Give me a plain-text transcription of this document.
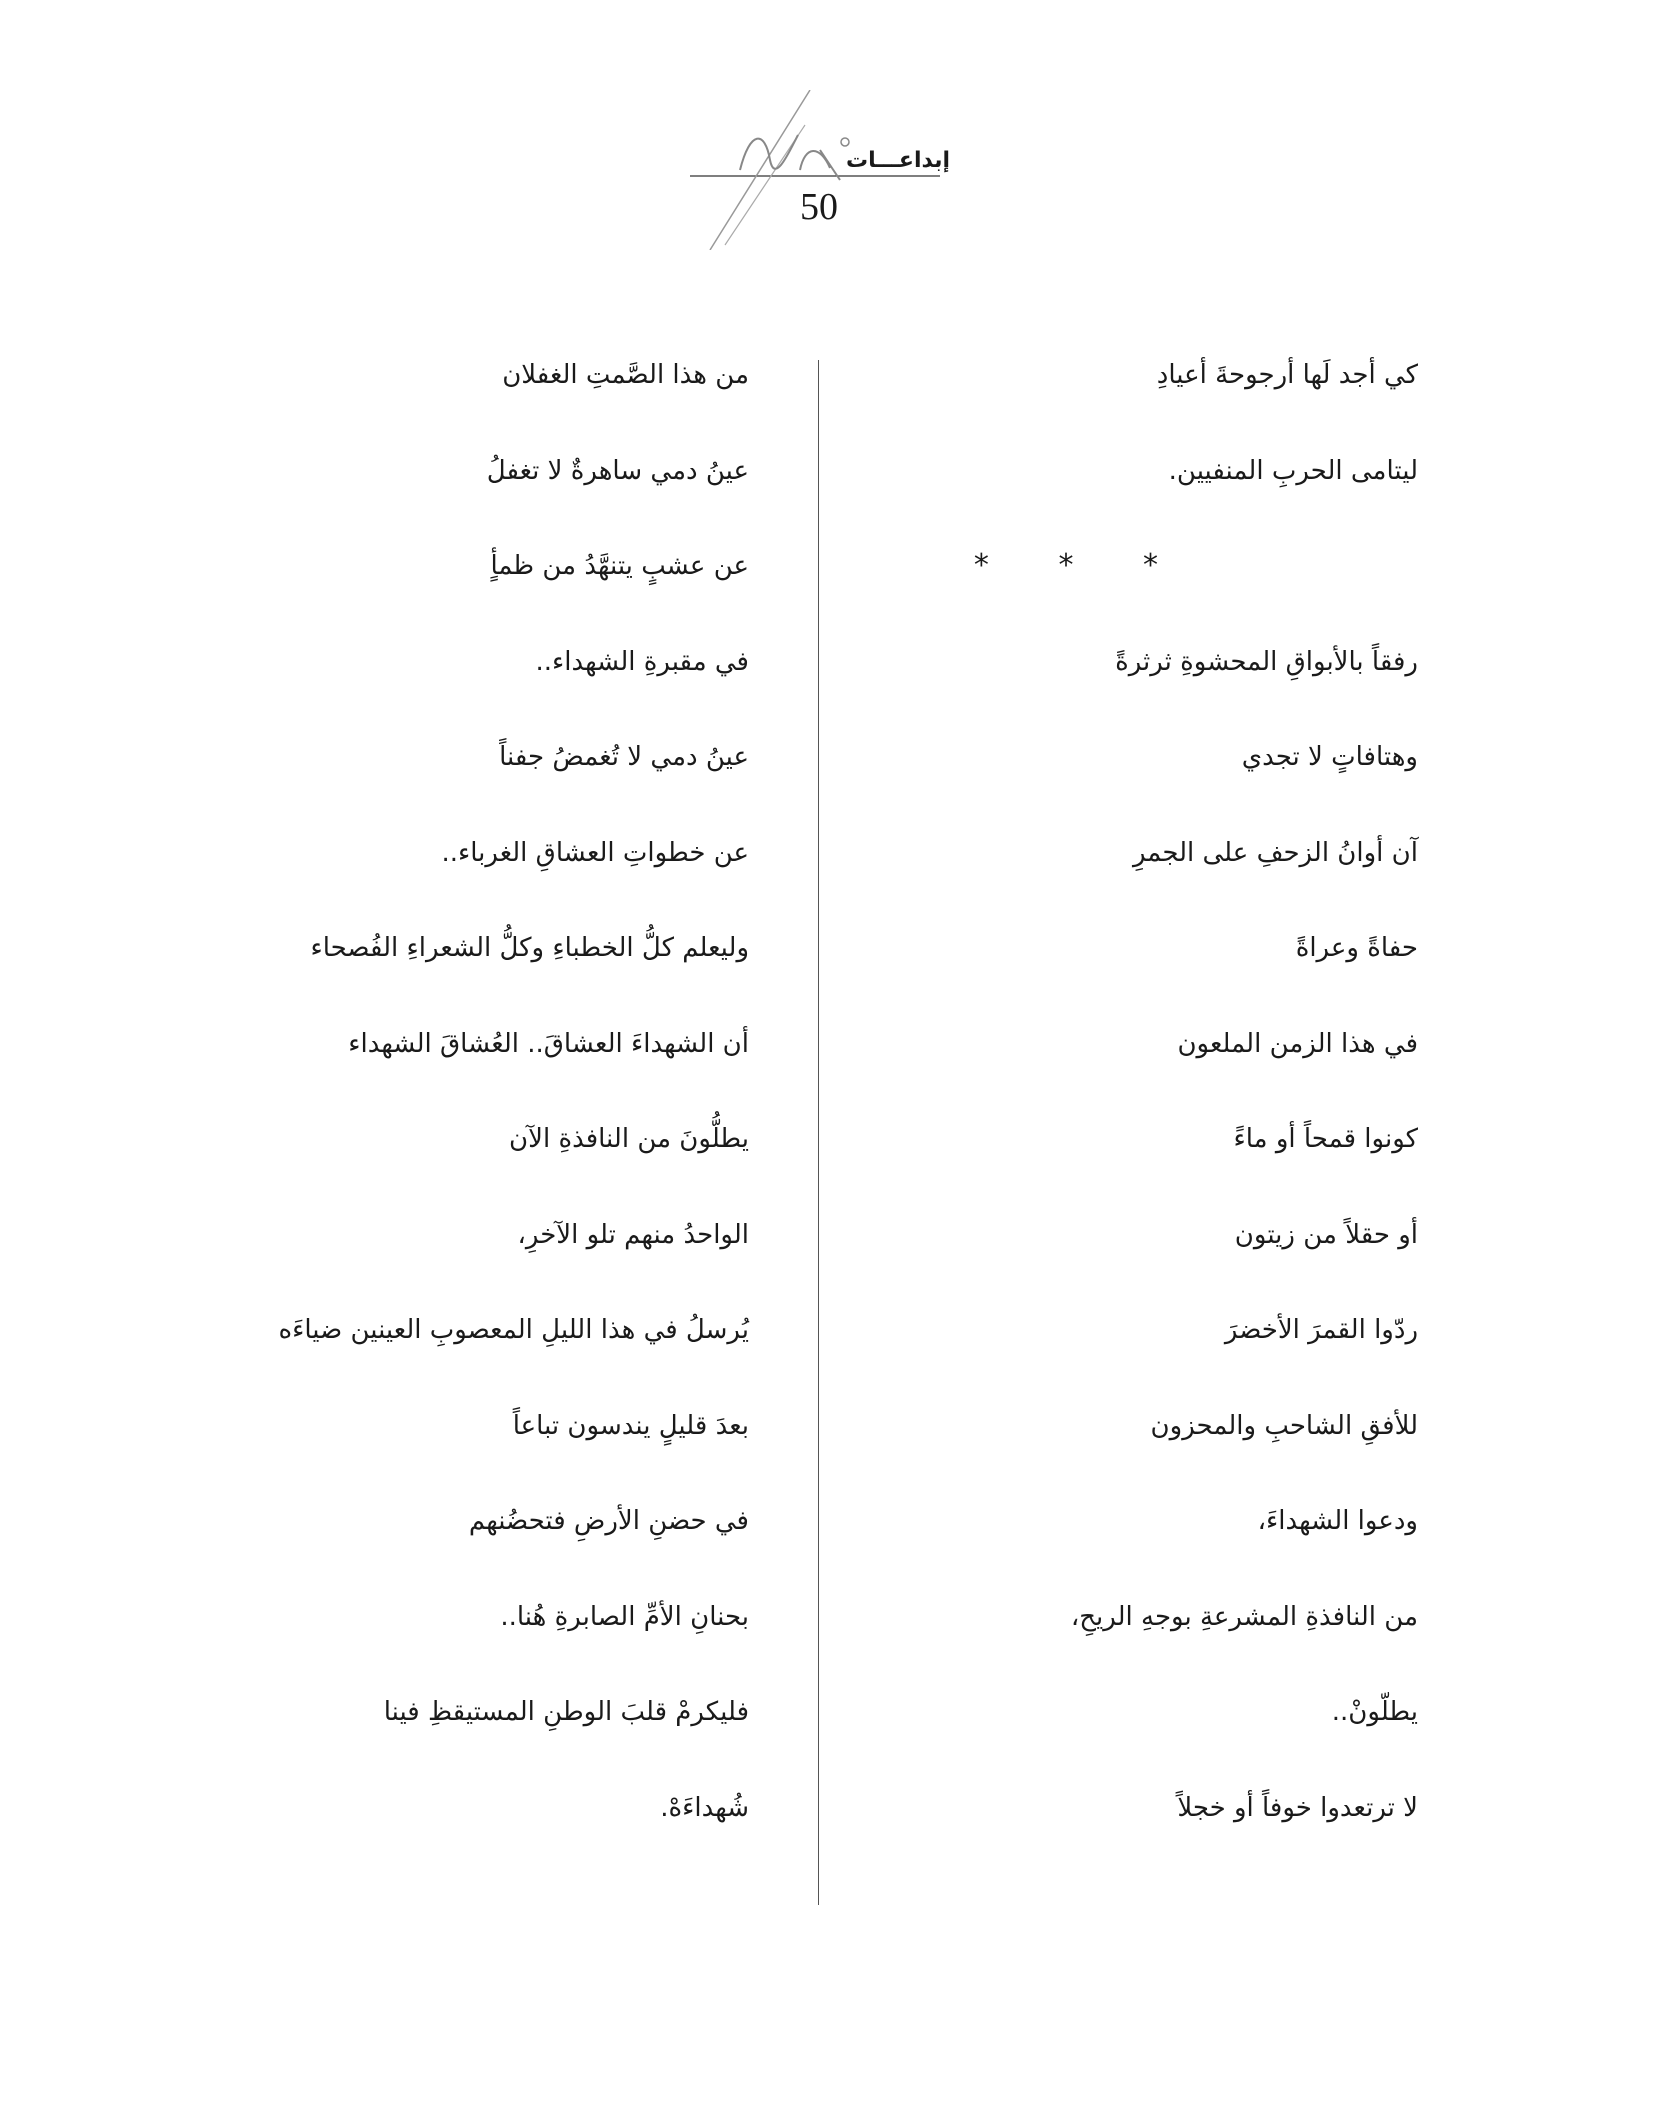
إبداعـــات
50
كي أجد لَها أرجوحةَ أعيادِ
ليتامى الحربِ المنفيين.
* * *
رفقاً بالأبواقِ المحشوةِ ثرثرةً
وهتافاتٍ لا تجدي
آن أوانُ الزحفِ على الجمرِ
حفاةً وعراةً
في هذا الزمن الملعون
كونوا قمحاً أو ماءً
أو حقلاً من زيتون
ردّوا القمرَ الأخضرَ
للأفقِ الشاحبِ والمحزون
ودعوا الشهداءَ،
من النافذةِ المشرعةِ بوجهِ الريحِ،
يطلّونْ..
لا ترتعدوا خوفاً أو خجلاً
من هذا الصَّمتِ الغفلان
عينُ دمي ساهرةٌ لا تغفلُ
عن عشبٍ يتنهَّدُ من ظمأٍ
في مقبرةِ الشهداء..
عينُ دمي لا تُغمضُ جفناً
عن خطواتِ العشاقِ الغرباء..
وليعلم كلُّ الخطباءِ وكلُّ الشعراءِ الفُصحاء
أن الشهداءَ العشاقَ.. العُشاقَ الشهداء
يطلُّونَ من النافذةِ الآن
الواحدُ منهم تلو الآخرِ،
يُرسلُ في هذا الليلِ المعصوبِ العينين ضياءَه
بعدَ قليلٍ يندسون تباعاً
في حضنِ الأرضِ فتحضُنهم
بحنانِ الأمِّ الصابرةِ هُنا..
فليكرمْ قلبَ الوطنِ المستيقظِ فينا
شُهداءَهْ.
